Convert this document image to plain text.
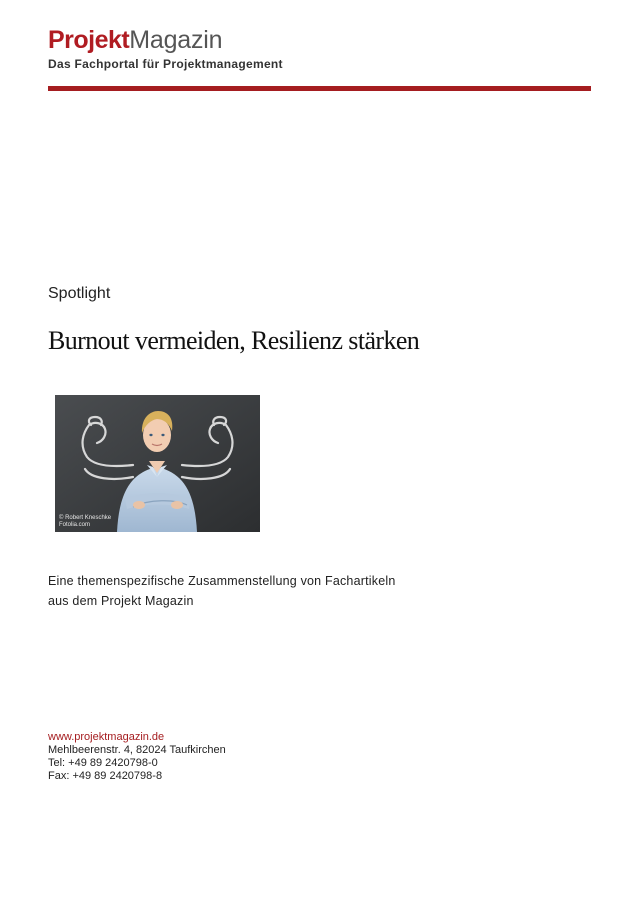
ProjektMagazin
Das Fachportal für Projektmanagement
Spotlight
Burnout vermeiden, Resilienz stärken
© Robert Kneschke
Fotolia.com
Eine themenspezifische Zusammenstellung von Fachartikeln
aus dem Projekt Magazin
www.projektmagazin.de
Mehlbeerenstr. 4, 82024 Taufkirchen
Tel: +49 89 2420798-0
Fax: +49 89 2420798-8
